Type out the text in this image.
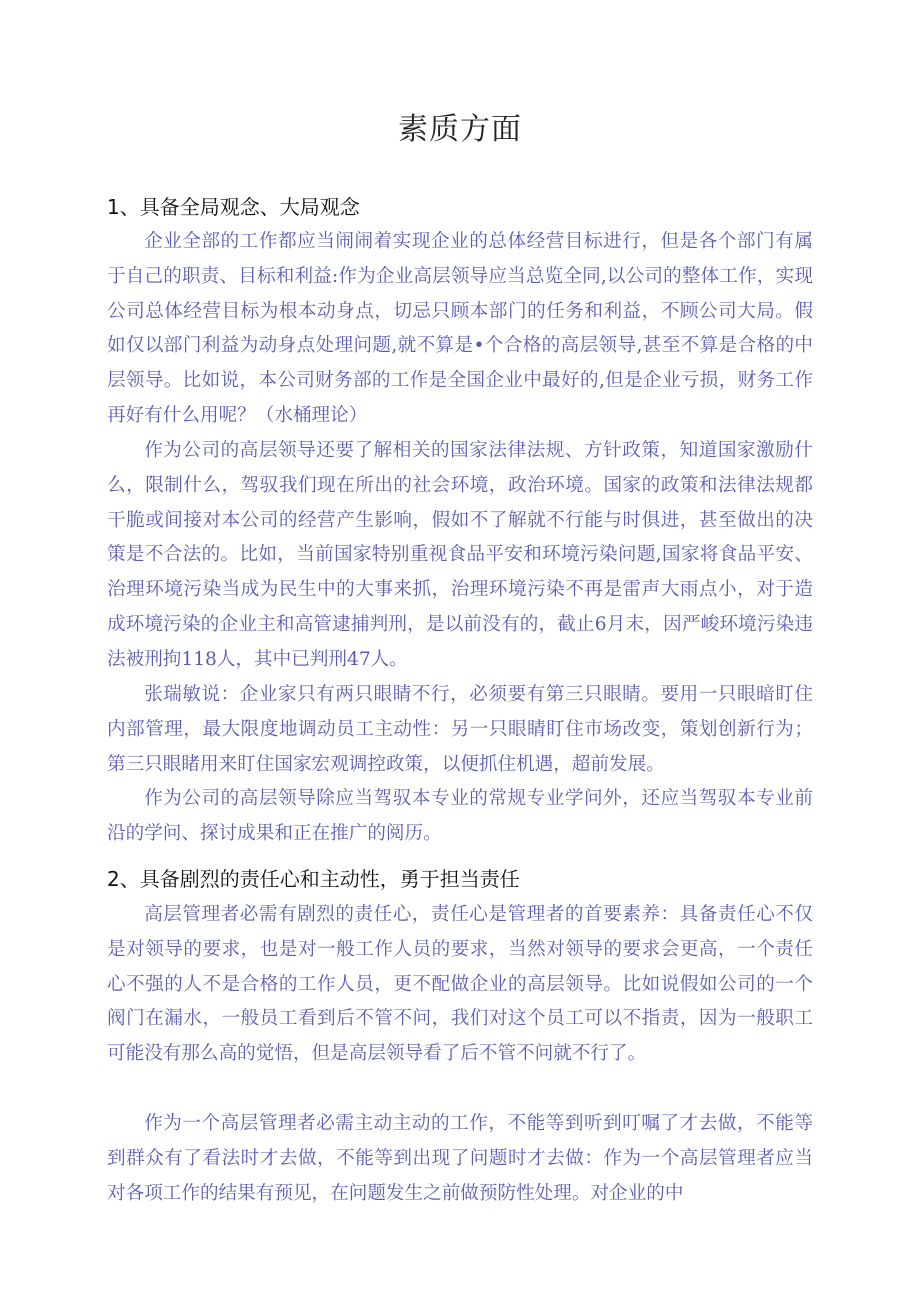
素质方面
1、具备全局观念、大局观念

企业全部的工作都应当闹闹着实现企业的总体经营目标进行，但是各个部门有属于自己的职责、目标和利益:作为企业高层领导应当总览全同,以公司的整体工作，实现公司总体经营目标为根本动身点，切忌只顾本部门的任务和利益，不顾公司大局。假如仅以部门利益为动身点处理问题,就不算是•个合格的高层领导,甚至不算是合格的中层领导。比如说，本公司财务部的工作是全国企业中最好的,但是企业亏损，财务工作再好有什么用呢？（水桶理论）

作为公司的高层领导还要了解相关的国家法律法规、方针政策，知道国家激励什么，限制什么，驾驭我们现在所出的社会环境，政治环境。国家的政策和法律法规都干脆或间接对本公司的经营产生影响，假如不了解就不行能与时俱进，甚至做出的决策是不合法的。比如，当前国家特别重视食品平安和环境污染问题,国家将食品平安、治理环境污染当成为民生中的大事来抓，治理环境污染不再是雷声大雨点小，对于造成环境污染的企业主和高管逮捕判刑，是以前没有的，截止6月末，因严峻环境污染违法被刑拘118人，其中已判刑47人。

张瑞敏说：企业家只有两只眼睛不行，必须要有第三只眼睛。要用一只眼暗盯住内部管理，最大限度地调动员工主动性：另一只眼睛盯住市场改变，策划创新行为；第三只眼睹用来盯住国家宏观调控政策，以便抓住机遇，超前发展。

作为公司的高层领导除应当驾驭本专业的常规专业学问外，还应当驾驭本专业前沿的学问、探讨成果和正在推广的阅历。

2、具备剧烈的责任心和主动性，勇于担当责任

高层管理者必需有剧烈的责任心，责任心是管理者的首要素养：具备责任心不仅是对领导的要求，也是对一般工作人员的要求，当然对领导的要求会更高，一个责任心不强的人不是合格的工作人员，更不配做企业的高层领导。比如说假如公司的一个阀门在漏水，一般员工看到后不管不问，我们对这个员工可以不指责，因为一般职工可能没有那么高的觉悟，但是高层领导看了后不管不问就不行了。

作为一个高层管理者必需主动主动的工作，不能等到听到叮嘱了才去做，不能等到群众有了看法时才去做，不能等到出现了问题时才去做：作为一个高层管理者应当对各项工作的结果有预见，在问题发生之前做预防性处理。对企业的中
